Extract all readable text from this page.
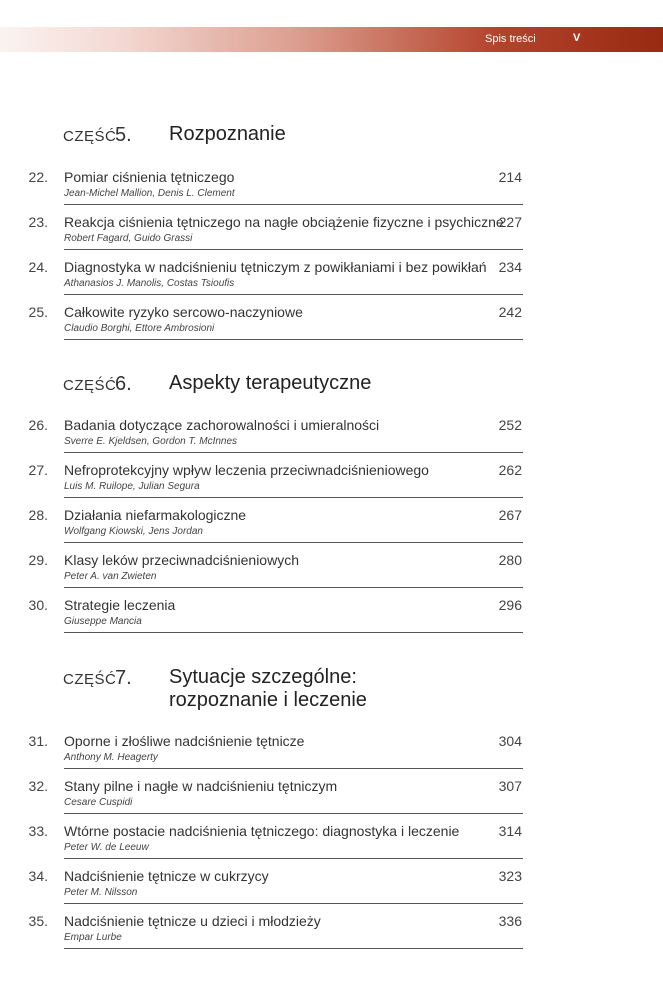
Spis treści	V
CZĘŚĆ
5. Rozpoznanie
22. Pomiar ciśnienia tętniczego
Jean-Michel Mallion, Denis L. Clement
214
23. Reakcja ciśnienia tętniczego na nagłe obciążenie fizyczne i psychiczne
Robert Fagard, Guido Grassi
227
24. Diagnostyka w nadciśnieniu tętniczym z powikłaniami i bez powikłań
Athanasios J. Manolis, Costas Tsioufis
234
25. Całkowite ryzyko sercowo-naczyniowe
Claudio Borghi, Ettore Ambrosioni
242
CZĘŚĆ
6. Aspekty terapeutyczne
26. Badania dotyczące zachorowalności i umieralności
Sverre E. Kjeldsen, Gordon T. McInnes
252
27. Nefroprotekcyjny wpływ leczenia przeciwnadciśnieniowego
Luis M. Ruilope, Julian Segura
262
28. Działania niefarmakologiczne
Wolfgang Kiowski, Jens Jordan
267
29. Klasy leków przeciwnadciśnieniowych
Peter A. van Zwieten
280
30. Strategie leczenia
Giuseppe Mancia
296
CZĘŚĆ
7. Sytuacje szczególne:
rozpoznanie i leczenie
31. Oporne i złośliwe nadciśnienie tętnicze
Anthony M. Heagerty
304
32. Stany pilne i nagłe w nadciśnieniu tętniczym
Cesare Cuspidi
307
33. Wtórne postacie nadciśnienia tętniczego: diagnostyka i leczenie
Peter W. de Leeuw
314
34. Nadciśnienie tętnicze w cukrzycy
Peter M. Nilsson
323
35. Nadciśnienie tętnicze u dzieci i młodzieży
Empar Lurbe
336
